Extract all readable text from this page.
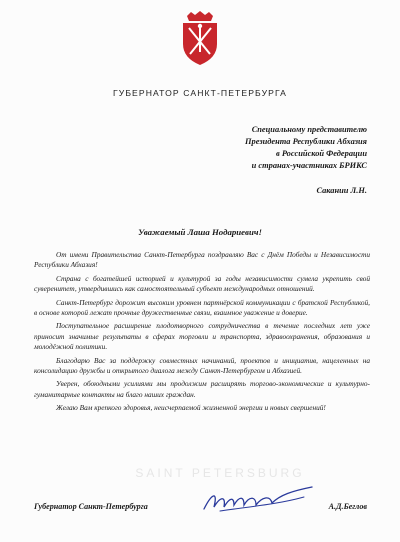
ГУБЕРНАТОР САНКТ-ПЕТЕРБУРГА
Специальному представителю
Президента Республики Абхазия
в Российской Федерации
и странах-участниках БРИКС
Сакании Л.Н.
Уважаемый Лаша Нодариевич!

От имени Правительства Санкт-Петербурга поздравляю Вас с Днём Победы и Независимости Республики Абхазия!

Страна с богатейшей историей и культурой за годы независимости сумела укрепить свой суверенитет, утвердившись как самостоятельный субъект международных отношений.

Санкт-Петербург дорожит высоким уровнем партнёрской коммуникации с братской Республикой, в основе которой лежат прочные дружественные связи, взаимное уважение и доверие.

Поступательное расширение плодотворного сотрудничества в течение последних лет уже приносит значимые результаты в сферах торговли и транспорта, здравоохранения, образования и молодёжной политики.

Благодарю Вас за поддержку совместных начинаний, проектов и инициатив, нацеленных на консолидацию дружбы и открытого диалога между Санкт-Петербургом и Абхазией.

Уверен, обоюдными усилиями мы продолжим расширять торгово-экономические и культурно-гуманитарные контакты на благо наших граждан.

Желаю Вам крепкого здоровья, неисчерпаемой жизненной энергии и новых свершений!

SAINT PETERSBURG
Губернатор Санкт-Петербурга	А.Д.Беглов
